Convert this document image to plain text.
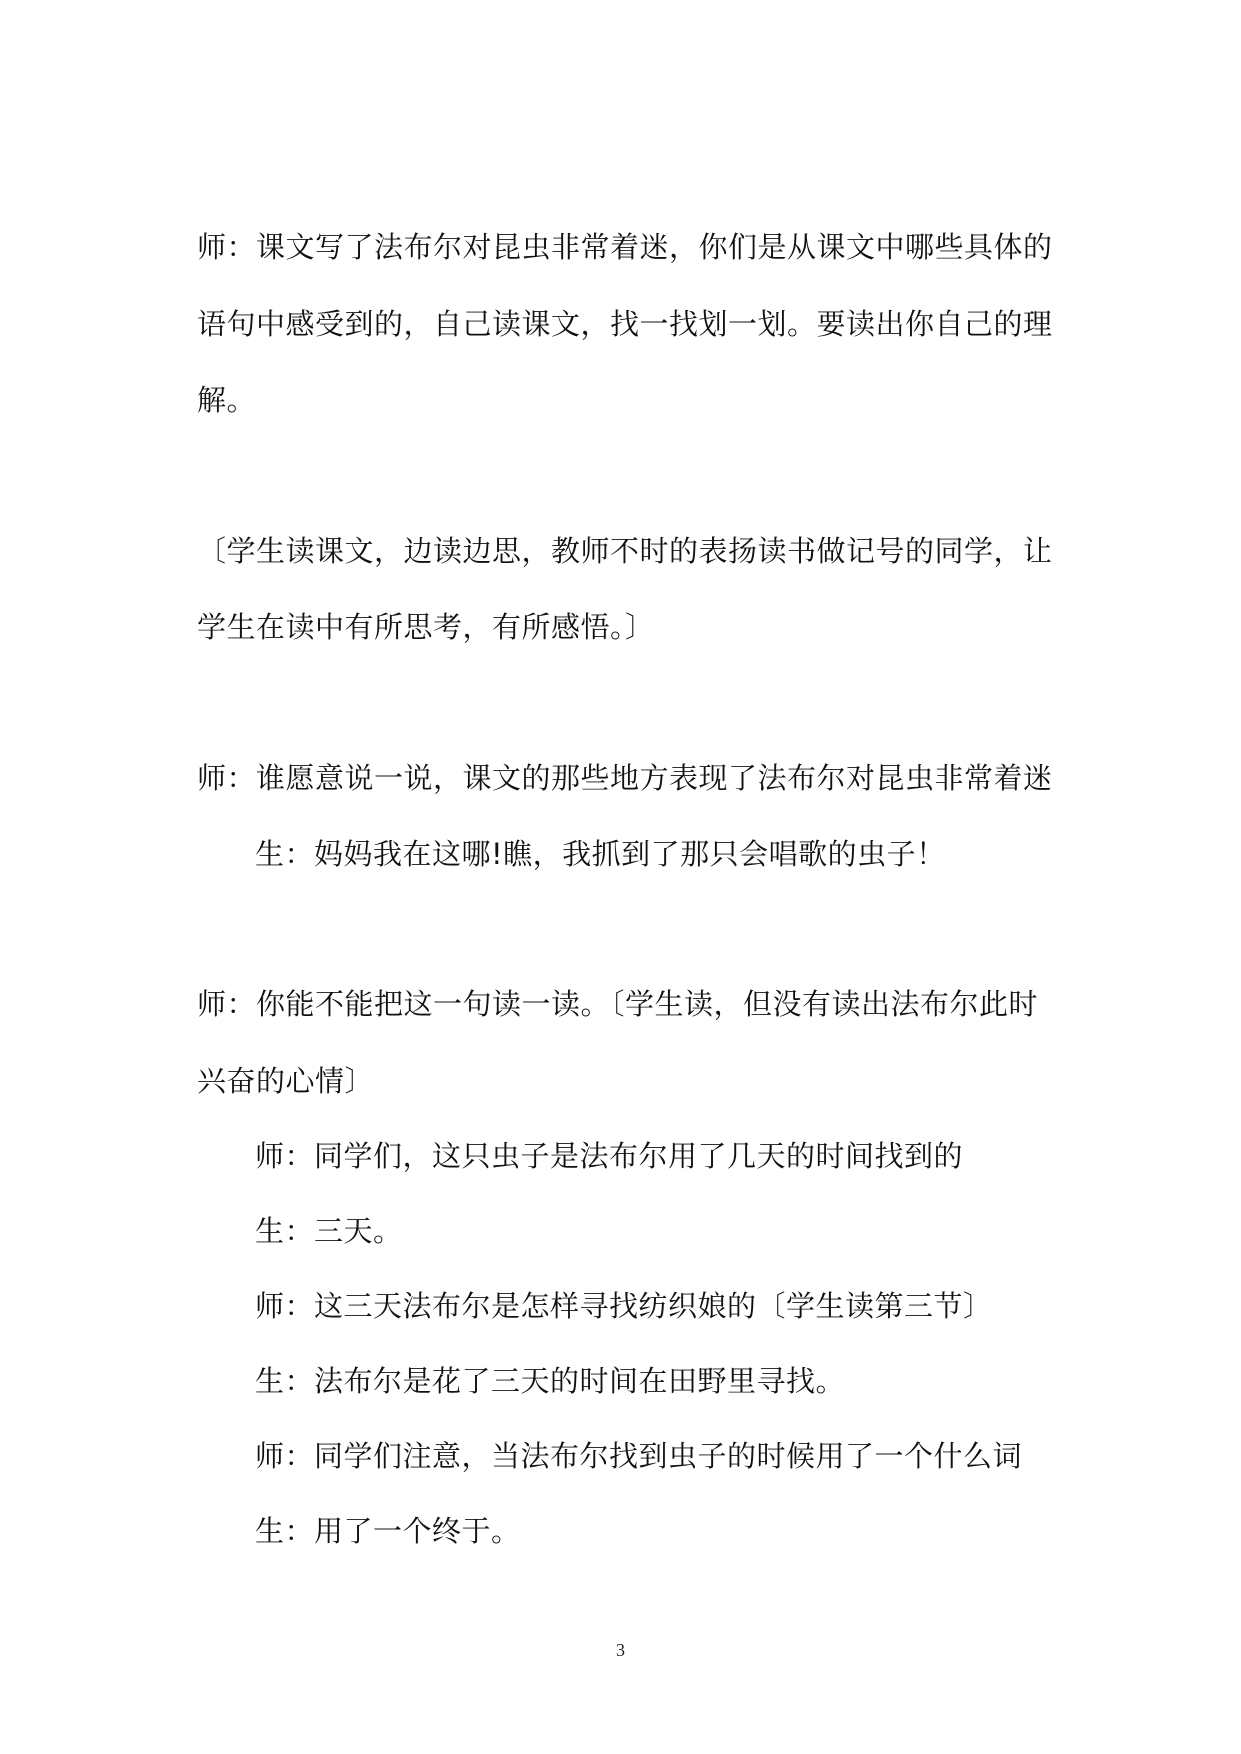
师：课文写了法布尔对昆虫非常着迷，你们是从课文中哪些具体的
语句中感受到的，自己读课文，找一找划一划。要读出你自己的理
解。
〔学生读课文，边读边思，教师不时的表扬读书做记号的同学，让
学生在读中有所思考，有所感悟。〕
师：谁愿意说一说，课文的那些地方表现了法布尔对昆虫非常着迷
生：妈妈我在这哪!瞧，我抓到了那只会唱歌的虫子！
师：你能不能把这一句读一读。〔学生读，但没有读出法布尔此时
兴奋的心情〕
师：同学们，这只虫子是法布尔用了几天的时间找到的
生：三天。
师：这三天法布尔是怎样寻找纺织娘的〔学生读第三节〕
生：法布尔是花了三天的时间在田野里寻找。
师：同学们注意，当法布尔找到虫子的时候用了一个什么词
生：用了一个终于。
3
